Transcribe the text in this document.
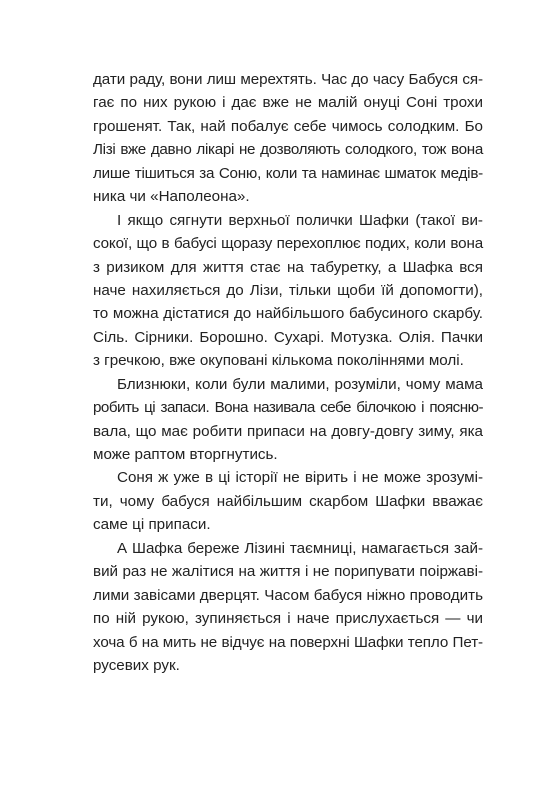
дати раду, вони лиш мерехтять. Час до часу Бабуся ся-
гає по них рукою і дає вже не малій онуці Соні трохи
грошенят. Так, най побалує себе чимось солодким. Бо
Лізі вже давно лікарі не дозволяють солодкого, тож вона
лише тішиться за Соню, коли та наминає шматок медів-
ника чи «Наполеона».
І якщо сягнути верхньої полички Шафки (такої ви-
сокої, що в бабусі щоразу перехоплює подих, коли вона
з ризиком для життя стає на табуретку, а Шафка вся
наче нахиляється до Лізи, тільки щоби їй допомогти),
то можна дістатися до найбільшого бабусиного скарбу.
Сіль. Сірники. Борошно. Сухарі. Мотузка. Олія. Пачки
з гречкою, вже окуповані кількома поколіннями молі.
Близнюки, коли були малими, розуміли, чому мама
робить ці запаси. Вона називала себе білочкою і поясню-
вала, що має робити припаси на довгу-довгу зиму, яка
може раптом вторгнутись.
Соня ж уже в ці історії не вірить і не може зрозумі-
ти, чому бабуся найбільшим скарбом Шафки вважає
саме ці припаси.
А Шафка береже Лізині таємниці, намагається зай-
вий раз не жалітися на життя і не порипувати поіржаві-
лими завісами дверцят. Часом бабуся ніжно проводить
по ній рукою, зупиняється і наче прислухається — чи
хоча б на мить не відчує на поверхні Шафки тепло Пет-
русевих рук.
